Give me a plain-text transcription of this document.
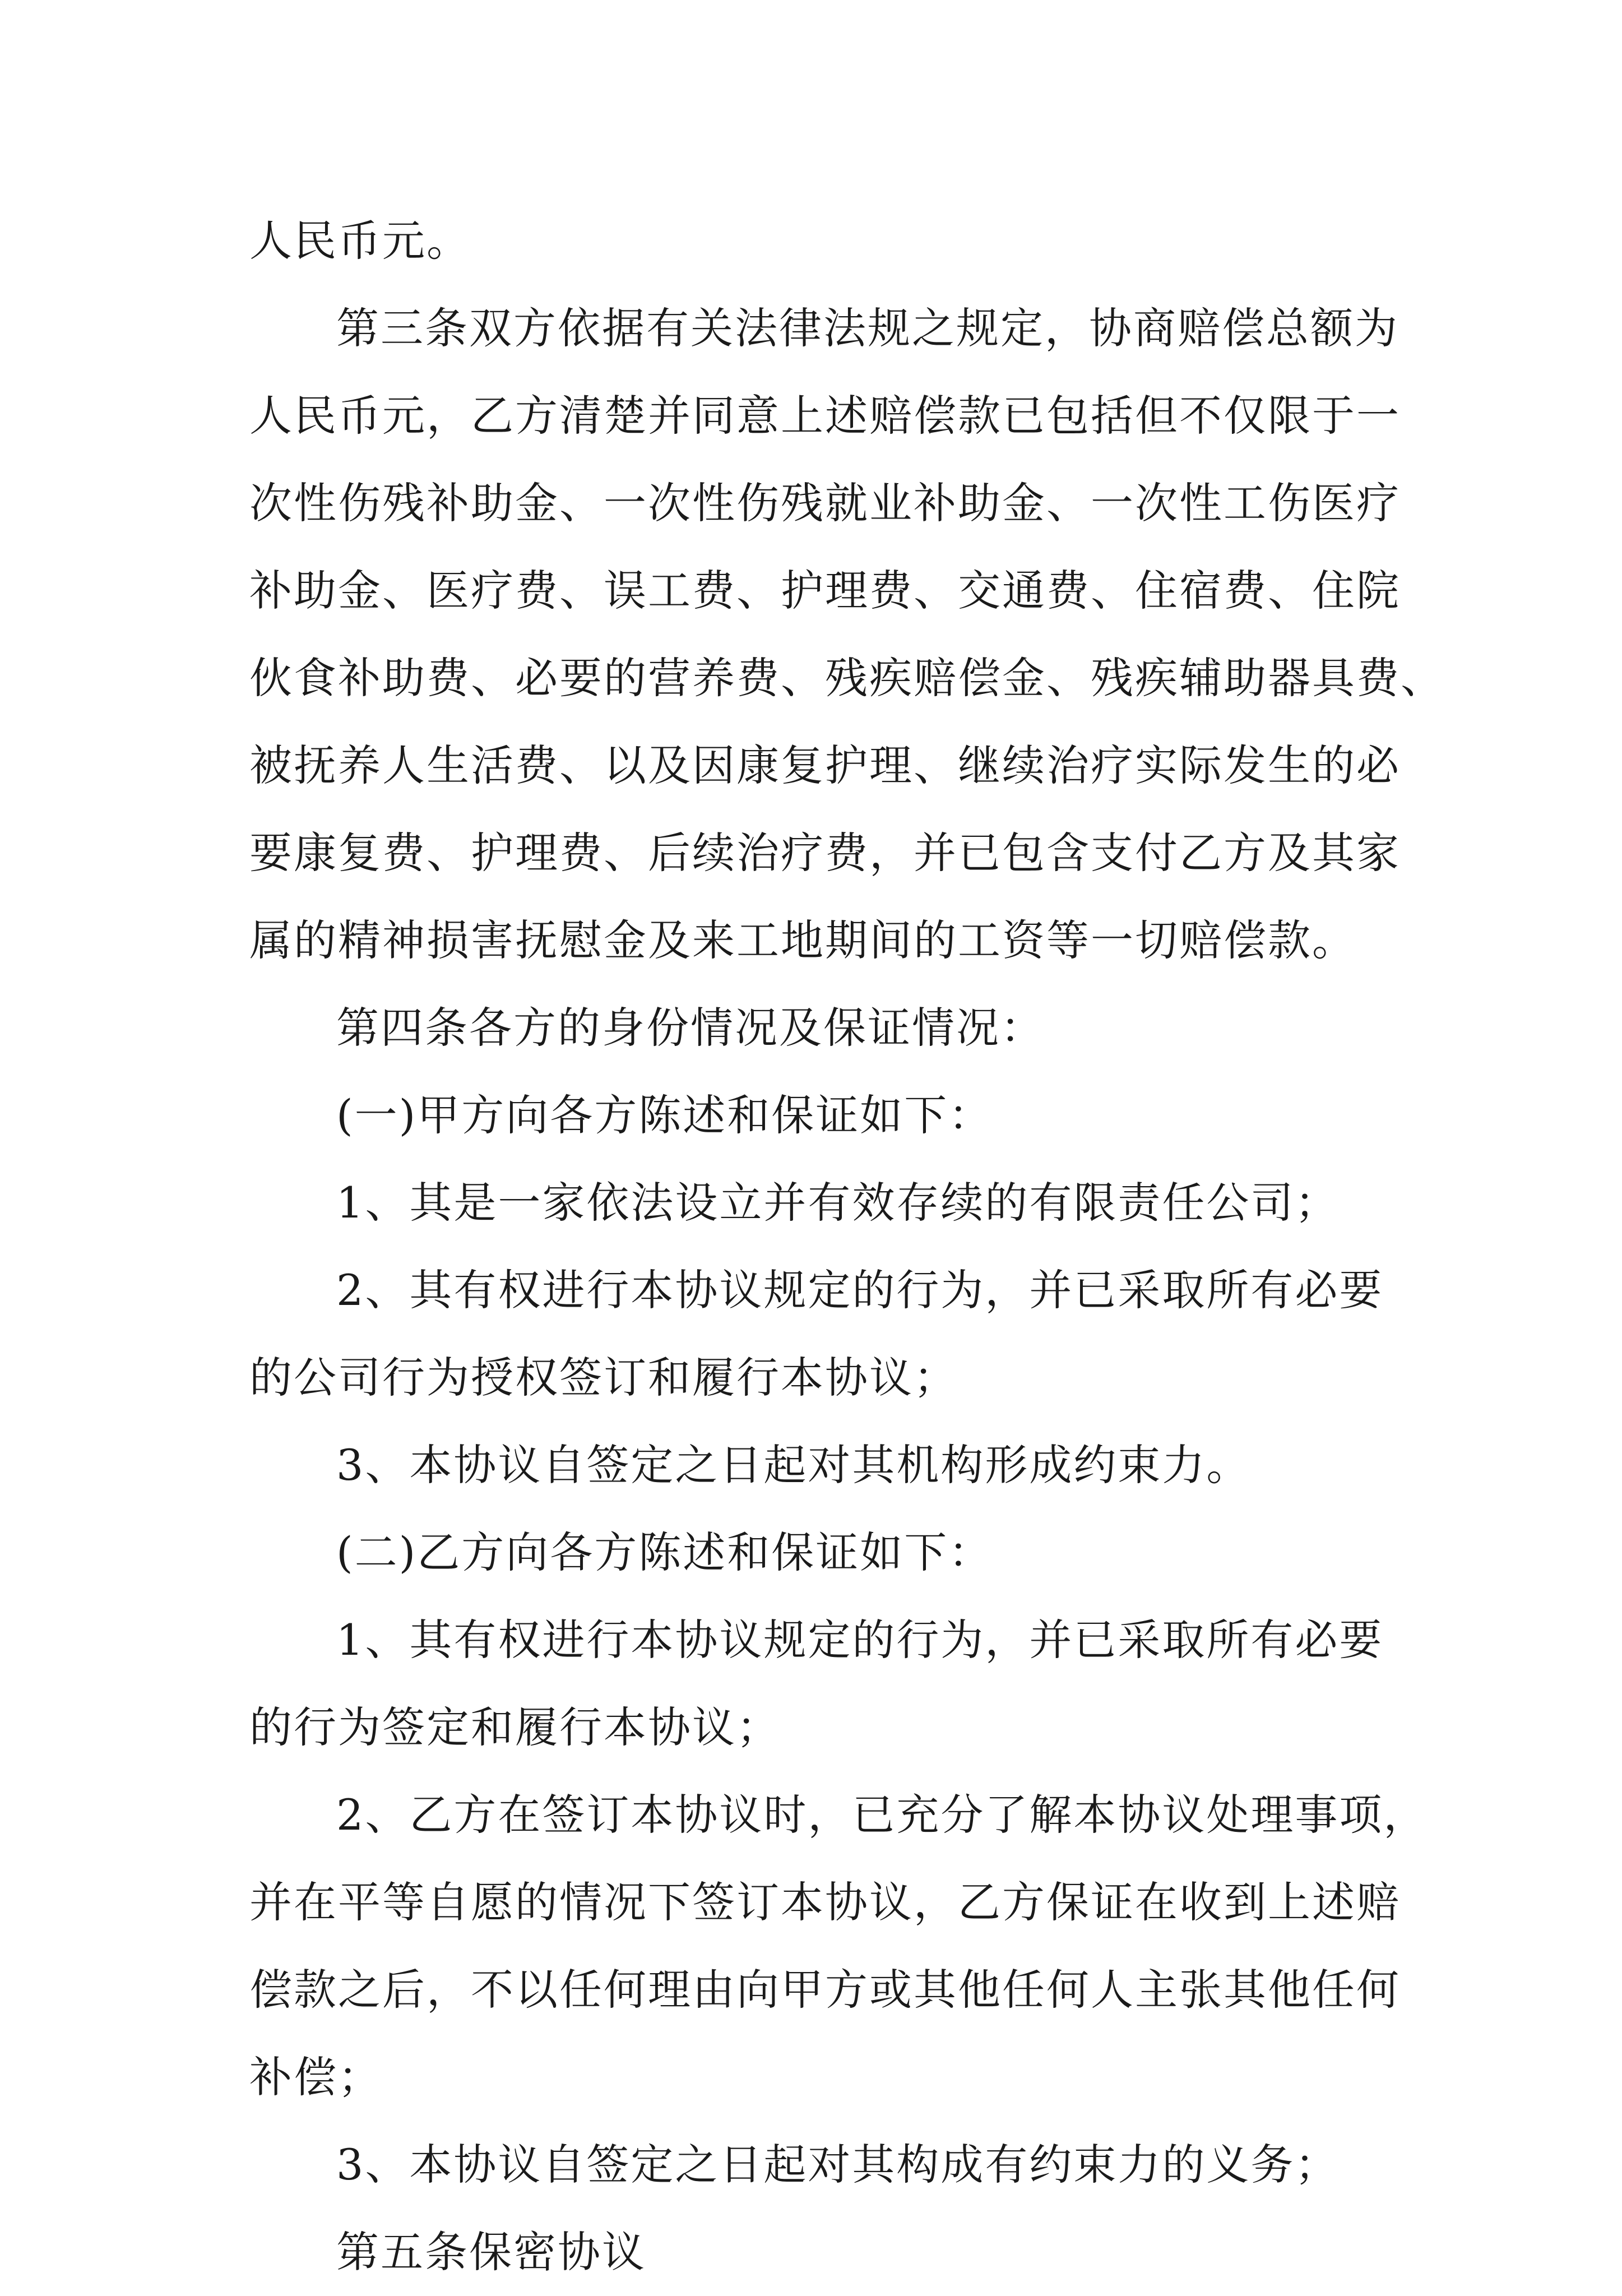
人民币元。

第三条双方依据有关法律法规之规定，协商赔偿总额为
人民币元，乙方清楚并同意上述赔偿款已包括但不仅限于一
次性伤残补助金、一次性伤残就业补助金、一次性工伤医疗
补助金、医疗费、误工费、护理费、交通费、住宿费、住院
伙食补助费、必要的营养费、残疾赔偿金、残疾辅助器具费、
被抚养人生活费、以及因康复护理、继续治疗实际发生的必
要康复费、护理费、后续治疗费，并已包含支付乙方及其家
属的精神损害抚慰金及来工地期间的工资等一切赔偿款。

第四条各方的身份情况及保证情况：

(一)甲方向各方陈述和保证如下：

1、其是一家依法设立并有效存续的有限责任公司；

2、其有权进行本协议规定的行为，并已采取所有必要
的公司行为授权签订和履行本协议；

3、本协议自签定之日起对其机构形成约束力。

(二)乙方向各方陈述和保证如下：

1、其有权进行本协议规定的行为，并已采取所有必要
的行为签定和履行本协议；

2、乙方在签订本协议时，已充分了解本协议处理事项，
并在平等自愿的情况下签订本协议，乙方保证在收到上述赔
偿款之后，不以任何理由向甲方或其他任何人主张其他任何
补偿；

3、本协议自签定之日起对其构成有约束力的义务；

第五条保密协议
